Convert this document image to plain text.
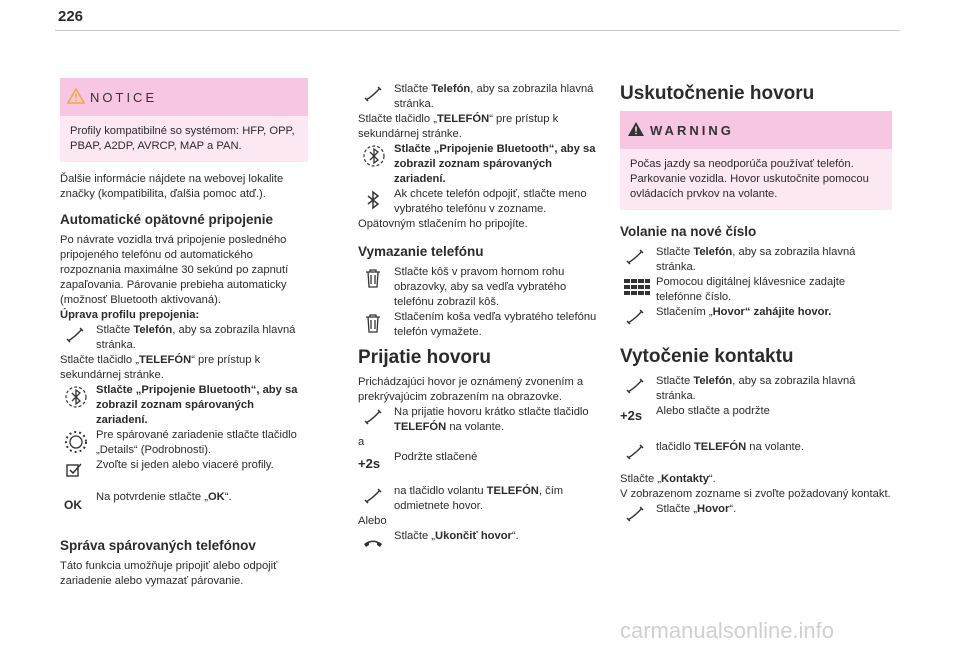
226
NOTICE
Profily kompatibilné so systémom: HFP, OPP, PBAP, A2DP, AVRCP, MAP a PAN.

Ďalšie informácie nájdete na webovej lokalite značky (kompatibilita, ďalšia pomoc atď.).

Automatické opätovné pripojenie

Po návrate vozidla trvá pripojenie posledného pripojeného telefónu od automatického rozpoznania maximálne 30 sekúnd po zapnutí zapaľovania. Párovanie prebieha automaticky (možnosť Bluetooth aktivovaná).

Úprava profilu prepojenia:

Stlačte Telefón, aby sa zobrazila hlavná stránka.

Stlačte tlačidlo „TELEFÓN“ pre prístup k sekundárnej stránke.

Stlačte „Pripojenie Bluetooth“, aby sa zobrazil zoznam spárovaných zariadení.
Pre spárované zariadenie stlačte tlačidlo „Details“ (Podrobnosti).
Zvoľte si jeden alebo viaceré profily.
OK
Na potvrdenie stlačte „OK“.
Správa spárovaných telefónov

Táto funkcia umožňuje pripojiť alebo odpojiť zariadenie alebo vymazať párovanie.

Stlačte Telefón, aby sa zobrazila hlavná stránka.

Stlačte tlačidlo „TELEFÓN“ pre prístup k sekundárnej stránke.

Stlačte „Pripojenie Bluetooth“, aby sa zobrazil zoznam spárovaných zariadení.
Ak chcete telefón odpojiť, stlačte meno vybratého telefónu v zozname.

Opätovným stlačením ho pripojíte.

Vymazanie telefónu
Stlačte kôš v pravom hornom rohu obrazovky, aby sa vedľa vybratého telefónu zobrazil kôš.
Stlačením koša vedľa vybratého telefónu telefón vymažete.
Prijatie hovoru

Prichádzajúci hovor je oznámený zvonením a prekrývajúcim zobrazením na obrazovke.

Na prijatie hovoru krátko stlačte tlačidlo TELEFÓN na volante.

a

+2s Podržte stlačené
na tlačidlo volantu TELEFÓN, čím odmietnete hovor.

Alebo

Stlačte „Ukončiť hovor“.
Uskutočnenie hovoru
WARNING
Počas jazdy sa neodporúča používať telefón. Parkovanie vozidla. Hovor uskutočnite pomocou ovládacích prvkov na volante.
Volanie na nové číslo
Stlačte Telefón, aby sa zobrazila hlavná stránka.
Pomocou digitálnej klávesnice zadajte telefónne číslo.
Stlačením „Hovor“ zahájite hovor.
Vytočenie kontaktu
Stlačte Telefón, aby sa zobrazila hlavná stránka.
+2s Alebo stlačte a podržte
tlačidlo TELEFÓN na volante.

Stlačte „Kontakty“.

V zobrazenom zozname si zvoľte požadovaný kontakt.

Stlačte „Hovor“.
carmanualsonline.info
